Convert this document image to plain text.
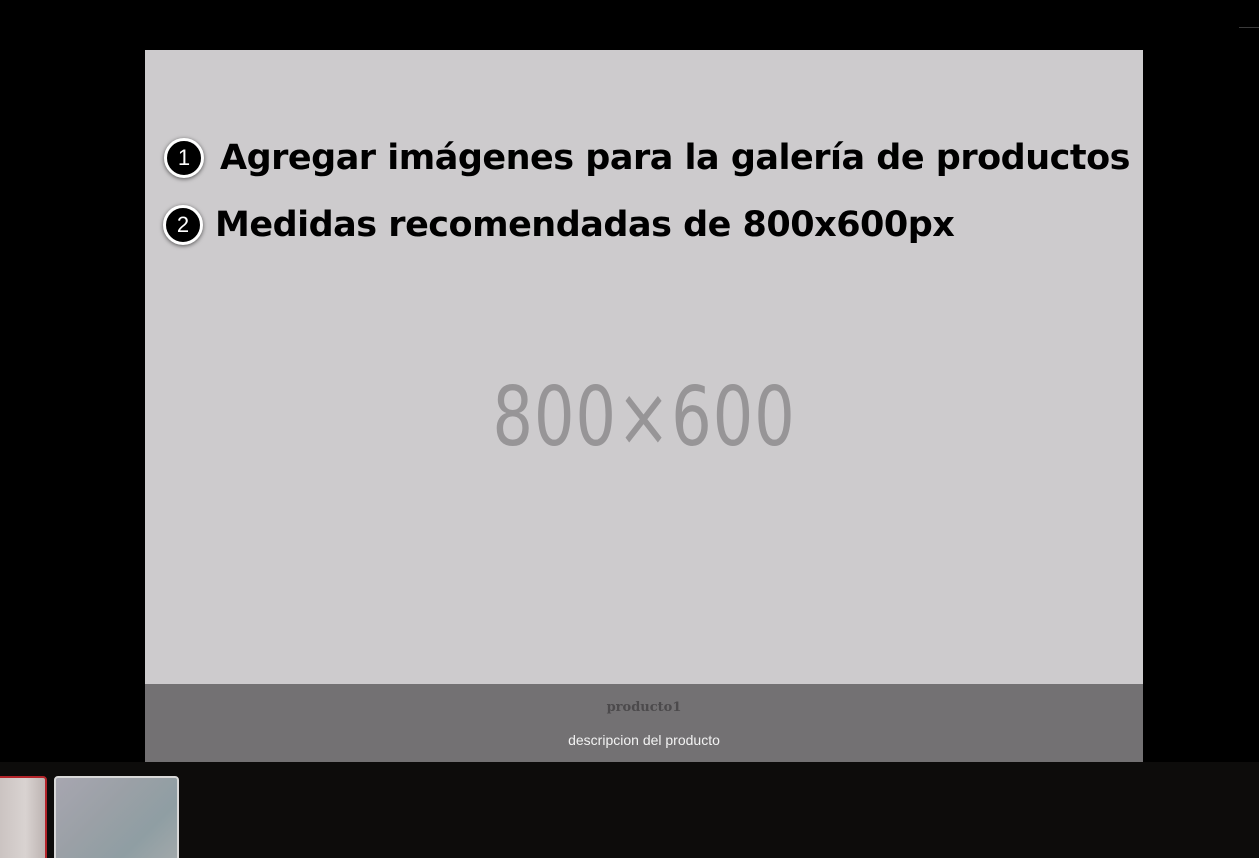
800×600
producto1
descripcion del producto
1 Agregar imágenes para la galería de productos
2 Medidas recomendadas de 800x600px
